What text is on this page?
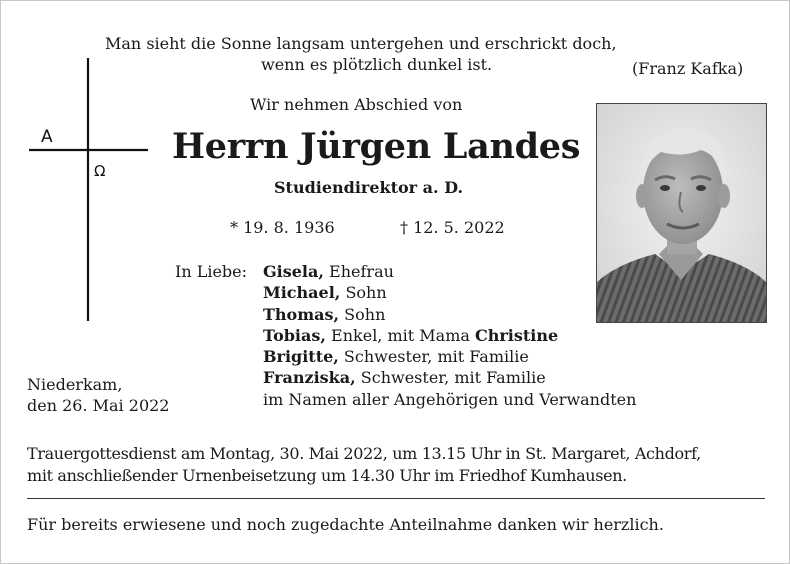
Man sieht die Sonne langsam untergehen und erschrickt doch,
wenn es plötzlich dunkel ist.	(Franz Kafka)
A
Ω
Wir nehmen Abschied von
Herrn Jürgen Landes
Studiendirektor a. D.
* 19. 8. 1936	† 12. 5. 2022
In Liebe: Gisela, Ehefrau
Michael, Sohn
Thomas, Sohn
Tobias, Enkel, mit Mama Christine
Brigitte, Schwester, mit Familie
Franziska, Schwester, mit Familie
im Namen aller Angehörigen und Verwandten
Niederkam,
den 26. Mai 2022
Trauergottesdienst am Montag, 30. Mai 2022, um 13.15 Uhr in St. Margaret, Achdorf,
mit anschließender Urnenbeisetzung um 14.30 Uhr im Friedhof Kumhausen.
Für bereits erwiesene und noch zugedachte Anteilnahme danken wir herzlich.
